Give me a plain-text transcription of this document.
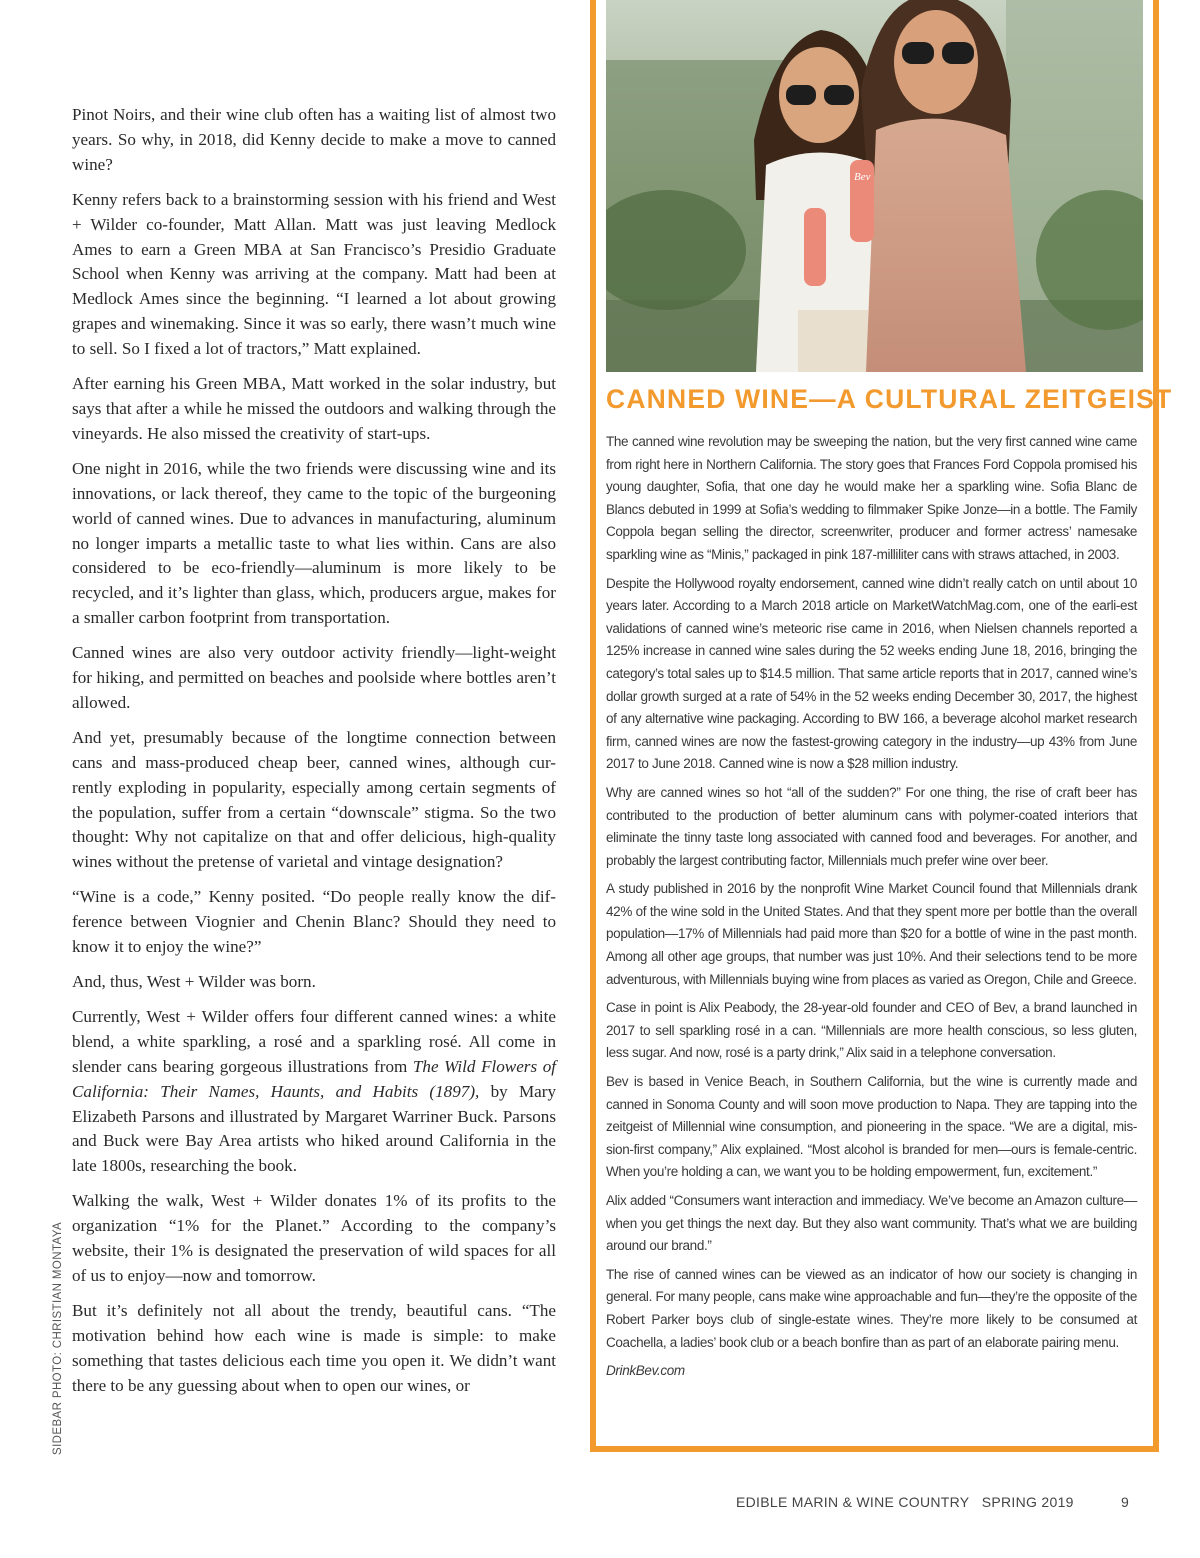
Pinot Noirs, and their wine club often has a waiting list of almost two years. So why, in 2018, did Kenny decide to make a move to canned wine?

Kenny refers back to a brainstorming session with his friend and West + Wilder co-founder, Matt Allan. Matt was just leaving Medlock Ames to earn a Green MBA at San Francisco’s Presidio Graduate School when Kenny was arriving at the company. Matt had been at Medlock Ames since the beginning. “I learned a lot about growing grapes and winemaking. Since it was so early, there wasn’t much wine to sell. So I fixed a lot of tractors,” Matt explained.

After earning his Green MBA, Matt worked in the solar industry, but says that after a while he missed the outdoors and walking through the vineyards. He also missed the creativity of start-ups.

One night in 2016, while the two friends were discussing wine and its innovations, or lack thereof, they came to the topic of the burgeoning world of canned wines. Due to advances in manufacturing, aluminum no longer imparts a metallic taste to what lies within. Cans are also considered to be eco-friendly—aluminum is more likely to be recycled, and it’s lighter than glass, which, producers argue, makes for a smaller carbon footprint from transportation.

Canned wines are also very outdoor activity friendly—light-weight for hiking, and permitted on beaches and poolside where bottles aren’t allowed.

And yet, presumably because of the longtime connection between cans and mass-produced cheap beer, canned wines, although cur-rently exploding in popularity, especially among certain segments of the population, suffer from a certain “downscale” stigma. So the two thought: Why not capitalize on that and offer delicious, high-quality wines without the pretense of varietal and vintage designation?

“Wine is a code,” Kenny posited. “Do people really know the dif-ference between Viognier and Chenin Blanc? Should they need to know it to enjoy the wine?”

And, thus, West + Wilder was born.

Currently, West + Wilder offers four different canned wines: a white blend, a white sparkling, a rosé and a sparkling rosé. All come in slender cans bearing gorgeous illustrations from The Wild Flowers of California: Their Names, Haunts, and Habits (1897), by Mary Elizabeth Parsons and illustrated by Margaret Warriner Buck. Parsons and Buck were Bay Area artists who hiked around California in the late 1800s, researching the book.

Walking the walk, West + Wilder donates 1% of its profits to the organization “1% for the Planet.” According to the company’s website, their 1% is designated the preservation of wild spaces for all of us to enjoy—now and tomorrow.

But it’s definitely not all about the trendy, beautiful cans. “The motivation behind how each wine is made is simple: to make something that tastes delicious each time you open it. We didn’t want there to be any guessing about when to open our wines, or

SIDEBAR PHOTO: CHRISTIAN MONTAYA
Bev
CANNED WINE—A CULTURAL ZEITGEIST

The canned wine revolution may be sweeping the nation, but the very first canned wine came from right here in Northern California. The story goes that Frances Ford Coppola promised his young daughter, Sofia, that one day he would make her a sparkling wine. Sofia Blanc de Blancs debuted in 1999 at Sofia’s wedding to filmmaker Spike Jonze—in a bottle. The Family Coppola began selling the director, screenwriter, producer and former actress’ namesake sparkling wine as “Minis,” packaged in pink 187-milliliter cans with straws attached, in 2003.

Despite the Hollywood royalty endorsement, canned wine didn’t really catch on until about 10 years later. According to a March 2018 article on MarketWatchMag.com, one of the earli-est validations of canned wine’s meteoric rise came in 2016, when Nielsen channels reported a 125% increase in canned wine sales during the 52 weeks ending June 18, 2016, bringing the category’s total sales up to $14.5 million. That same article reports that in 2017, canned wine’s dollar growth surged at a rate of 54% in the 52 weeks ending December 30, 2017, the highest of any alternative wine packaging. According to BW 166, a beverage alcohol market research firm, canned wines are now the fastest-growing category in the industry—up 43% from June 2017 to June 2018. Canned wine is now a $28 million industry.

Why are canned wines so hot “all of the sudden?” For one thing, the rise of craft beer has contributed to the production of better aluminum cans with polymer-coated interiors that eliminate the tinny taste long associated with canned food and beverages. For another, and probably the largest contributing factor, Millennials much prefer wine over beer.

A study published in 2016 by the nonprofit Wine Market Council found that Millennials drank 42% of the wine sold in the United States. And that they spent more per bottle than the overall population—17% of Millennials had paid more than $20 for a bottle of wine in the past month. Among all other age groups, that number was just 10%. And their selections tend to be more adventurous, with Millennials buying wine from places as varied as Oregon, Chile and Greece.

Case in point is Alix Peabody, the 28-year-old founder and CEO of Bev, a brand launched in 2017 to sell sparkling rosé in a can. “Millennials are more health conscious, so less gluten, less sugar. And now, rosé is a party drink,” Alix said in a telephone conversation.

Bev is based in Venice Beach, in Southern California, but the wine is currently made and canned in Sonoma County and will soon move production to Napa. They are tapping into the zeitgeist of Millennial wine consumption, and pioneering in the space. “We are a digital, mis-sion-first company,” Alix explained. “Most alcohol is branded for men—ours is female-centric. When you’re holding a can, we want you to be holding empowerment, fun, excitement.”

Alix added “Consumers want interaction and immediacy. We’ve become an Amazon culture—when you get things the next day. But they also want community. That’s what we are building around our brand.”

The rise of canned wines can be viewed as an indicator of how our society is changing in general. For many people, cans make wine approachable and fun—they’re the opposite of the Robert Parker boys club of single-estate wines. They’re more likely to be consumed at Coachella, a ladies’ book club or a beach bonfire than as part of an elaborate pairing menu.

DrinkBev.com

EDIBLE MARIN & WINE COUNTRY   SPRING 2019	9
